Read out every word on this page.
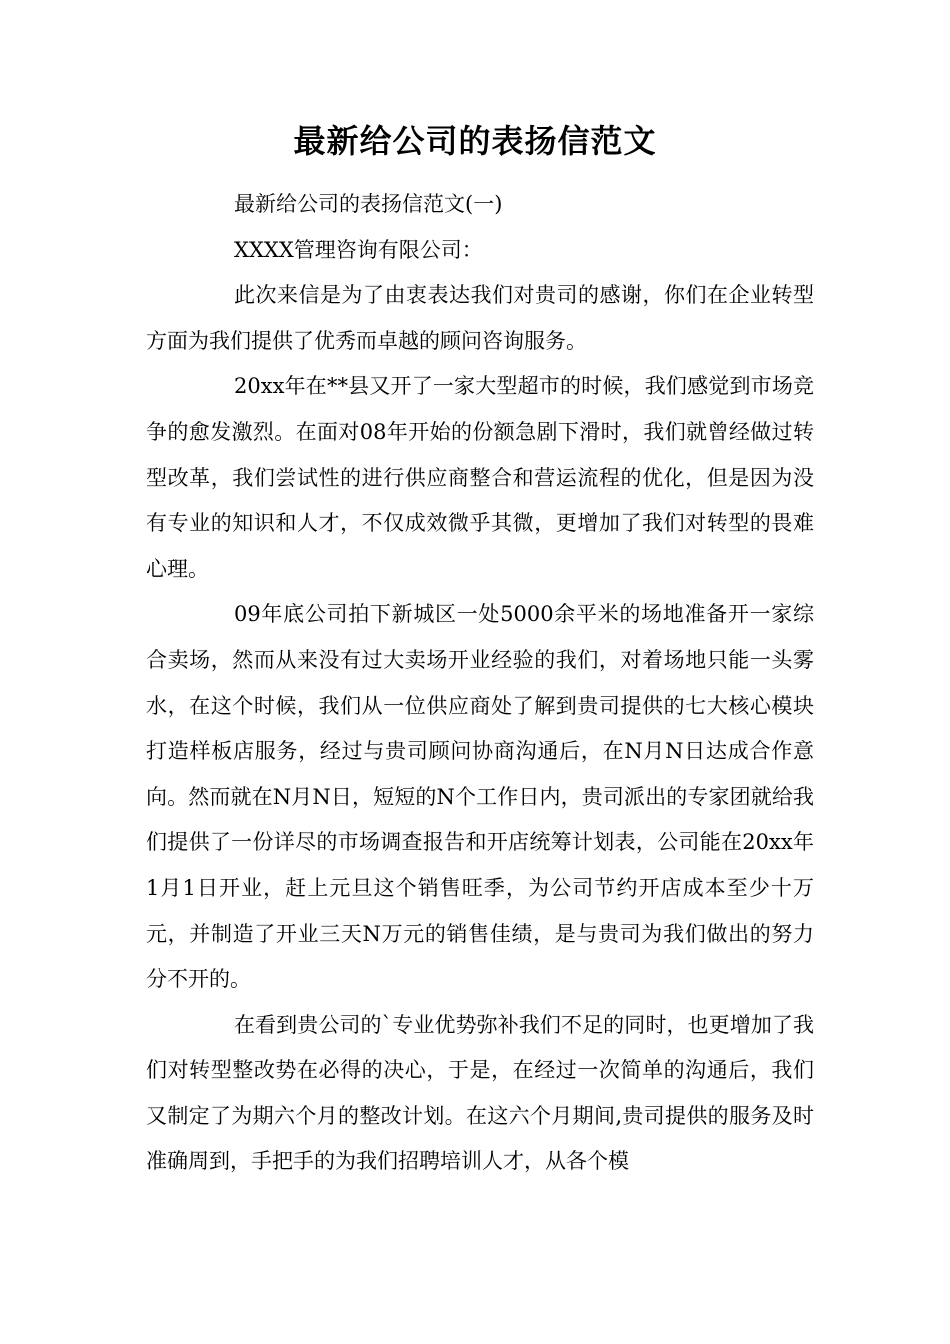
最新给公司的表扬信范文

最新给公司的表扬信范文(一)

XXXX管理咨询有限公司：

此次来信是为了由衷表达我们对贵司的感谢，你们在企业转型方面为我们提供了优秀而卓越的顾问咨询服务。

20xx年在**县又开了一家大型超市的时候，我们感觉到市场竞争的愈发激烈。在面对08年开始的份额急剧下滑时，我们就曾经做过转型改革，我们尝试性的进行供应商整合和营运流程的优化，但是因为没有专业的知识和人才，不仅成效微乎其微，更增加了我们对转型的畏难心理。

09年底公司拍下新城区一处5000余平米的场地准备开一家综合卖场，然而从来没有过大卖场开业经验的我们，对着场地只能一头雾水，在这个时候，我们从一位供应商处了解到贵司提供的七大核心模块打造样板店服务，经过与贵司顾问协商沟通后，在N月N日达成合作意向。然而就在N月N日，短短的N个工作日内，贵司派出的专家团就给我们提供了一份详尽的市场调查报告和开店统筹计划表，公司能在20xx年1月1日开业，赶上元旦这个销售旺季，为公司节约开店成本至少十万元，并制造了开业三天N万元的销售佳绩，是与贵司为我们做出的努力分不开的。

在看到贵公司的`专业优势弥补我们不足的同时，也更增加了我们对转型整改势在必得的决心，于是，在经过一次简单的沟通后，我们又制定了为期六个月的整改计划。在这六个月期间,贵司提供的服务及时准确周到，手把手的为我们招聘培训人才，从各个模
